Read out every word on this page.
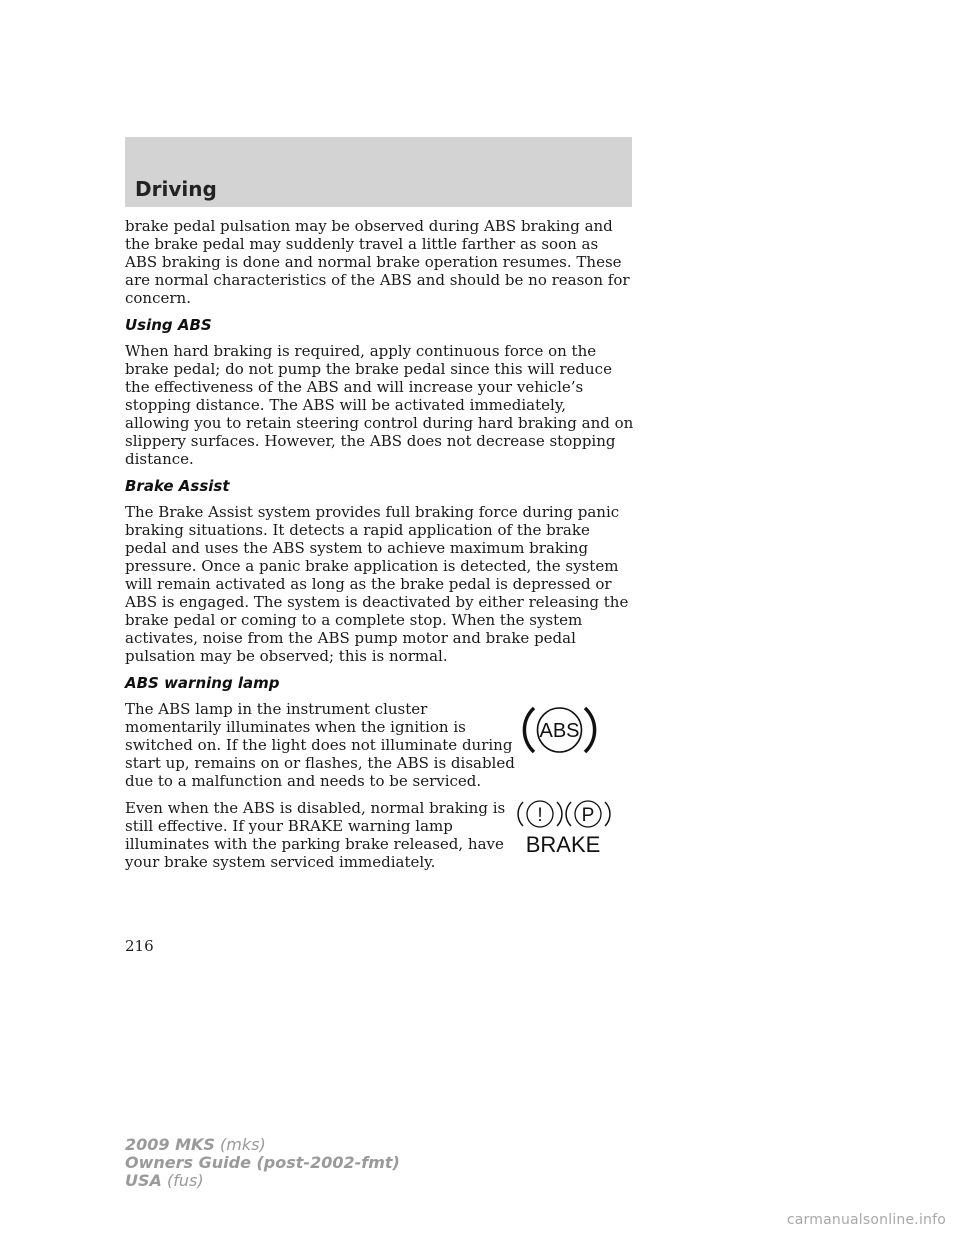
Driving

brake pedal pulsation may be observed during ABS braking and the brake pedal may suddenly travel a little farther as soon as ABS braking is done and normal brake operation resumes. These are normal characteristics of the ABS and should be no reason for concern.

Using ABS

When hard braking is required, apply continuous force on the brake pedal; do not pump the brake pedal since this will reduce the effectiveness of the ABS and will increase your vehicle’s stopping distance. The ABS will be activated immediately, allowing you to retain steering control during hard braking and on slippery surfaces. However, the ABS does not decrease stopping distance.

Brake Assist

The Brake Assist system provides full braking force during panic braking situations. It detects a rapid application of the brake pedal and uses the ABS system to achieve maximum braking pressure. Once a panic brake application is detected, the system will remain activated as long as the brake pedal is depressed or ABS is engaged. The system is deactivated by either releasing the brake pedal or coming to a complete stop. When the system activates, noise from the ABS pump motor and brake pedal pulsation may be observed; this is normal.

ABS warning lamp
ABS

The ABS lamp in the instrument cluster momentarily illuminates when the ignition is switched on. If the light does not illuminate during start up, remains on or flashes, the ABS is disabled due to a malfunction and needs to be serviced.

! P
BRAKE

Even when the ABS is disabled, normal braking is still effective. If your BRAKE warning lamp illuminates with the parking brake released, have your brake system serviced immediately.

216
2009 MKS (mks)
Owners Guide (post-2002-fmt)
USA (fus)
carmanualsonline.info
